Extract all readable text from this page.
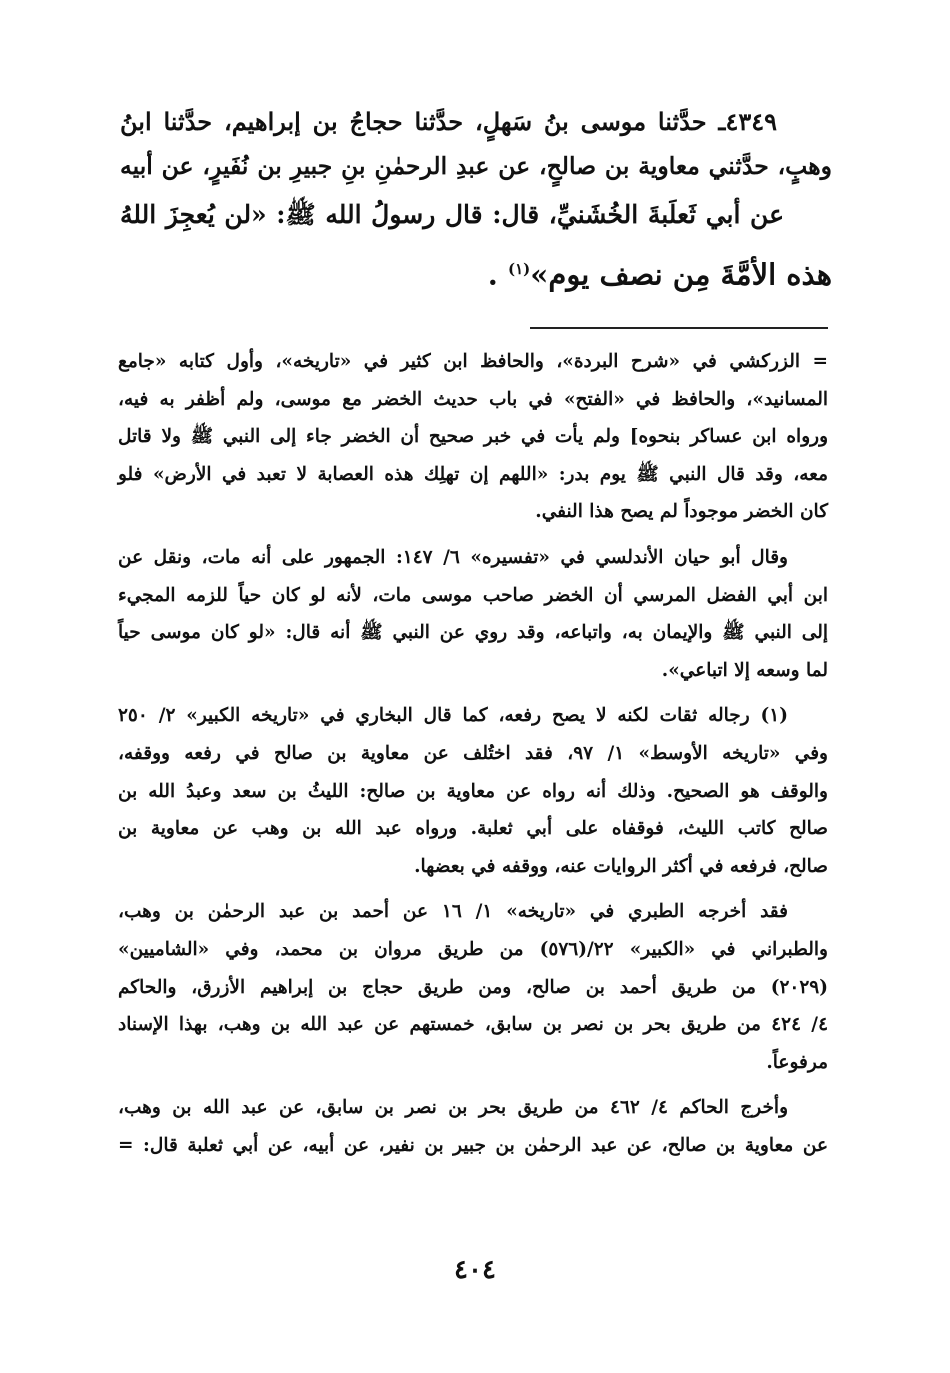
٤٣٤٩ـ حدَّثنا موسى بنُ سَهلٍ، حدَّثنا حجاجُ بن إبراهيم، حدَّثنا ابنُ
وهبٍ، حدَّثني معاوية بن صالحٍ، عن عبدِ الرحمٰنِ بنِ جبيرِ بن نُفَيرٍ، عن أبيه
عن أبي ثَعلَبةَ الخُشَنيِّ، قال: قال رسولُ الله ﷺ: «لن يُعجِزَ اللهُ
هذه الأمَّةَ مِن نصف يوم»$^{(١)}$ .
= الزركشي في «شرح البردة»، والحافظ ابن كثير في «تاريخه»، وأول كتابه «جامع
المسانيد»، والحافظ في «الفتح» في باب حديث الخضر مع موسى، ولم أظفر به فيه،
ورواه ابن عساكر بنحوه] ولم يأت في خبر صحيح أن الخضر جاء إلى النبي ﷺ ولا قاتل
معه، وقد قال النبي ﷺ يوم بدر: «اللهم إن تهلِك هذه العصابة لا تعبد في الأرض» فلو
كان الخضر موجوداً لم يصح هذا النفي.
وقال أبو حيان الأندلسي في «تفسيره» ٦/ ١٤٧: الجمهور على أنه مات، ونقل عن
ابن أبي الفضل المرسي أن الخضر صاحب موسى مات، لأنه لو كان حياً للزمه المجيء
إلى النبي ﷺ والإيمان به، واتباعه، وقد روي عن النبي ﷺ أنه قال: «لو كان موسى حياً
لما وسعه إلا اتباعي».
(١) رجاله ثقات لكنه لا يصح رفعه، كما قال البخاري في «تاريخه الكبير» ٢/ ٢٥٠
وفي «تاريخه الأوسط» ١/ ٩٧، فقد اختُلف عن معاوية بن صالح في رفعه ووقفه،
والوقف هو الصحيح. وذلك أنه رواه عن معاوية بن صالح: الليثُ بن سعد وعبدُ الله بن
صالح كاتب الليث، فوقفاه على أبي ثعلبة. ورواه عبد الله بن وهب عن معاوية بن
صالح، فرفعه في أكثر الروايات عنه، ووقفه في بعضها.
فقد أخرجه الطبري في «تاريخه» ١/ ١٦ عن أحمد بن عبد الرحمٰن بن وهب،
والطبراني في «الكبير» ٢٢/(٥٧٦) من طريق مروان بن محمد، وفي «الشاميين»
(٢٠٢٩) من طريق أحمد بن صالح، ومن طريق حجاج بن إبراهيم الأزرق، والحاكم
٤/ ٤٢٤ من طريق بحر بن نصر بن سابق، خمستهم عن عبد الله بن وهب، بهذا الإسناد
مرفوعاً.
وأخرج الحاكم ٤/ ٤٦٢ من طريق بحر بن نصر بن سابق، عن عبد الله بن وهب،
عن معاوية بن صالح، عن عبد الرحمٰن بن جبير بن نفير، عن أبيه، عن أبي ثعلبة قال: =
٤٠٤
